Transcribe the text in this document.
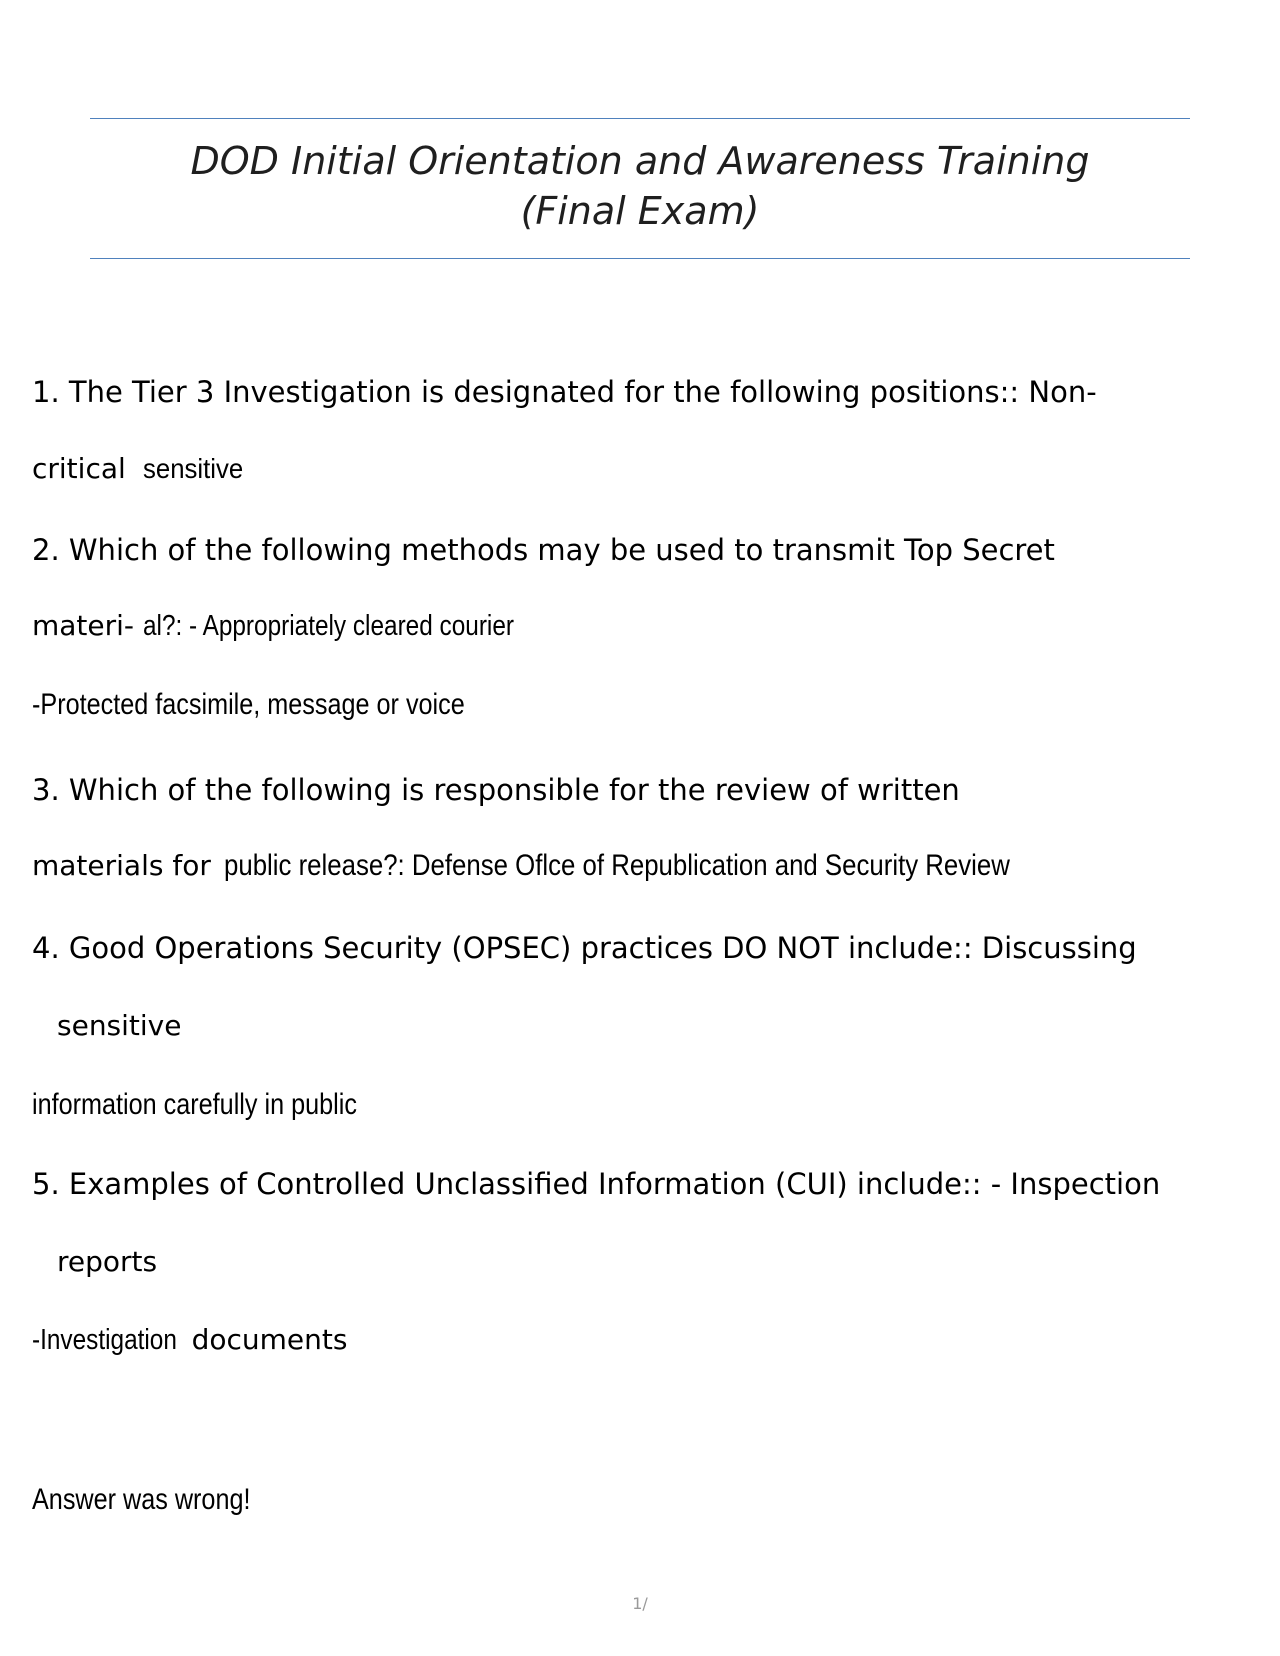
DOD Initial Orientation and Awareness Training
(Final Exam)
1. The Tier 3 Investigation is designated for the following positions:: Non-
critical sensitive
2. Which of the following methods may be used to transmit Top Secret
materi- al?: - Appropriately cleared courier
-Protected facsimile, message or voice
3. Which of the following is responsible for the review of written
materials for public release?: Defense Oflce of Republication and Security Review
4. Good Operations Security (OPSEC) practices DO NOT include:: Discussing
sensitive
information carefully in public
5. Examples of Controlled Unclassified Information (CUI) include:: - Inspection
reports
-Investigation documents
Answer was wrong!
1/
